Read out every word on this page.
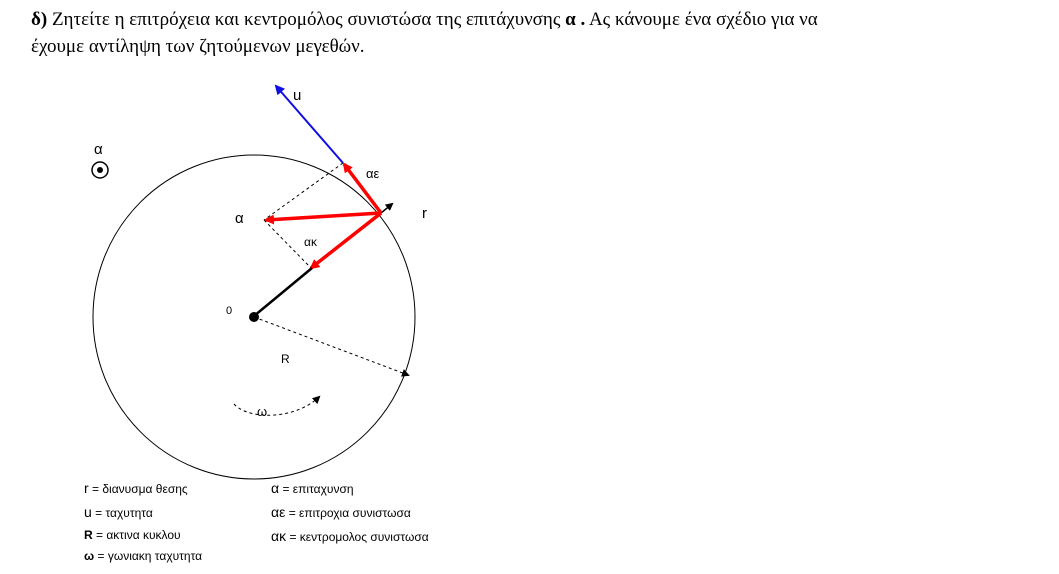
δ) Ζητείτε η επιτρόχεια και κεντρομόλος συνιστώσα της επιτάχυνσης α . Ας κάνουμε ένα σχέδιο για να
έχουμε αντίληψη των ζητούμενων μεγεθών.
α
u
r
αε
α
ακ
0
R
ω
r = διανυσμα θεσης
u = ταχυτητα
R = ακτινα κυκλου
ω = γωνιακη ταχυτητα
α = επιταχυνση
αε = επιτροχια συνιστωσα
ακ = κεντρομολος συνιστωσα
